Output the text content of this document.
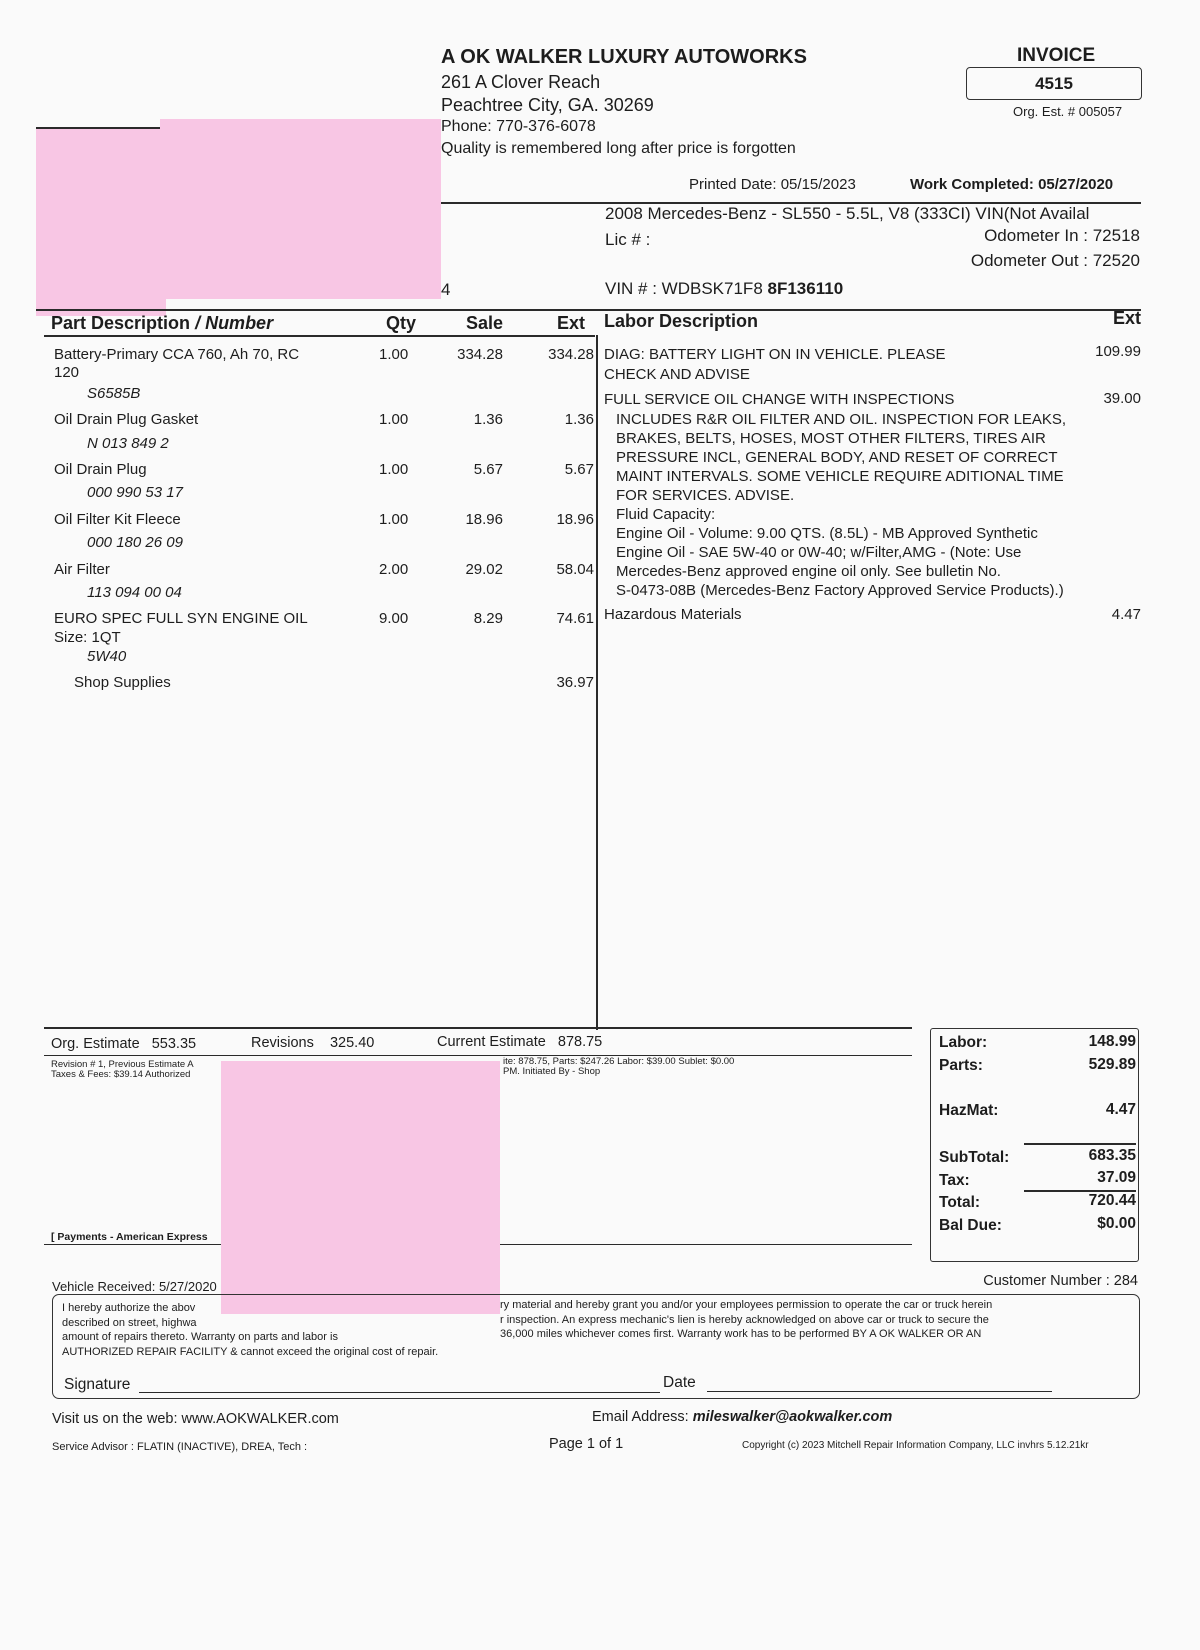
A OK WALKER LUXURY AUTOWORKS
261 A Clover Reach
Peachtree City, GA. 30269
Phone: 770-376-6078
Quality is remembered long after price is forgotten
INVOICE
4515
Org. Est. # 005057
Printed Date: 05/15/2023	Work Completed: 05/27/2020
2008 Mercedes-Benz - SL550 - 5.5L, V8 (333CI) VIN(Not Availal
Lic # :	Odometer In : 72518
Odometer Out : 72520
VIN # : WDBSK71F8 8F136110
4
Part Description / Number	Qty	Sale	Ext Labor Description	Ext
Battery-Primary CCA 760, Ah 70, RC
120
S6585B
1.00	334.28	334.28
Oil Drain Plug Gasket
N 013 849 2
1.00	1.36	1.36
Oil Drain Plug
000 990 53 17
1.00	5.67	5.67
Oil Filter Kit Fleece
000 180 26 09
1.00	18.96	18.96
Air Filter
113 094 00 04
2.00	29.02	58.04
EURO SPEC FULL SYN ENGINE OIL
Size: 1QT
5W40
9.00	8.29	74.61
Shop Supplies	36.97
DIAG: BATTERY LIGHT ON IN VEHICLE. PLEASE
CHECK AND ADVISE
109.99
FULL SERVICE OIL CHANGE WITH INSPECTIONS	39.00
INCLUDES R&R OIL FILTER AND OIL. INSPECTION FOR LEAKS,
BRAKES, BELTS, HOSES, MOST OTHER FILTERS, TIRES AIR
PRESSURE INCL, GENERAL BODY, AND RESET OF CORRECT
MAINT INTERVALS. SOME VEHICLE REQUIRE ADITIONAL TIME
FOR SERVICES. ADVISE.
Fluid Capacity:
Engine Oil - Volume: 9.00 QTS. (8.5L) - MB Approved Synthetic
Engine Oil - SAE 5W-40 or 0W-40; w/Filter,AMG - (Note: Use
Mercedes-Benz approved engine oil only. See bulletin No.
S-0473-08B (Mercedes-Benz Factory Approved Service Products).)
Hazardous Materials	4.47
Org. Estimate 553.35	Revisions 325.40	Current Estimate 878.75
Revision # 1, Previous Estimate A
Taxes & Fees: $39.14 Authorized
ite: 878.75, Parts: $247.26 Labor: $39.00 Sublet: $0.00
PM. Initiated By - Shop
[ Payments - American Express
Labor:	148.99
Parts:	529.89
HazMat:	4.47
SubTotal:	683.35
Tax:	37.09
Total:	720.44
Bal Due:	$0.00
Vehicle Received: 5/27/2020	Customer Number : 284
I hereby authorize the abov
described on street, highwa
amount of repairs thereto. Warranty on parts and labor is
AUTHORIZED REPAIR FACILITY & cannot exceed the original cost of repair.
ry material and hereby grant you and/or your employees permission to operate the car or truck herein
r inspection. An express mechanic's lien is hereby acknowledged on above car or truck to secure the
36,000 miles whichever comes first. Warranty work has to be performed BY A OK WALKER OR AN
Signature	Date
Visit us on the web: www.AOKWALKER.com	Email Address: mileswalker@aokwalker.com
Service Advisor : FLATIN (INACTIVE), DREA, Tech :	Page 1 of 1	Copyright (c) 2023 Mitchell Repair Information Company, LLC invhrs 5.12.21kr
